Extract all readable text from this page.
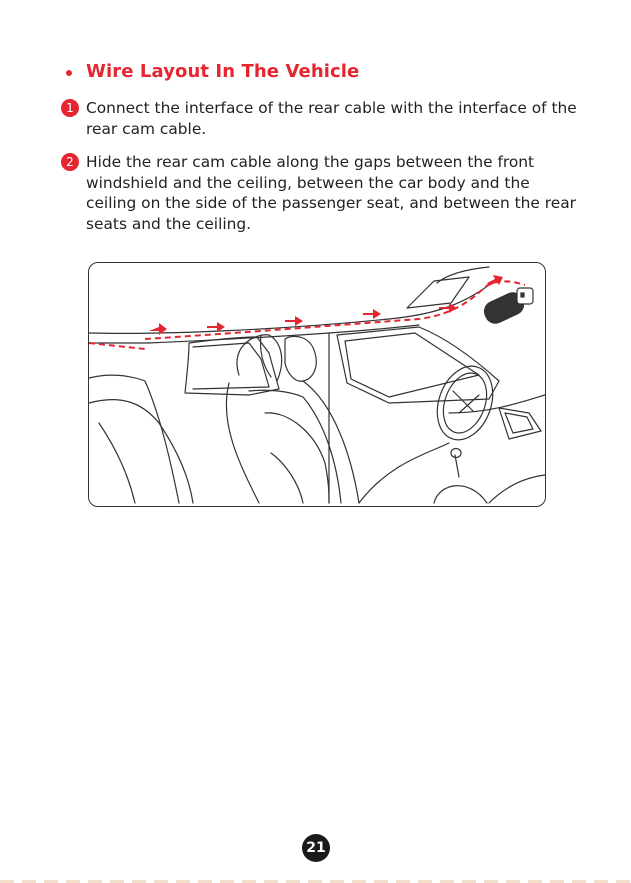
Wire Layout In The Vehicle
1 Connect the interface of the rear cable with the interface of the rear cam cable.
2 Hide the rear cam cable along the gaps between the front windshield and the ceiling, between the car body and the ceiling on the side of the passenger seat, and between the rear seats and the ceiling.
21
